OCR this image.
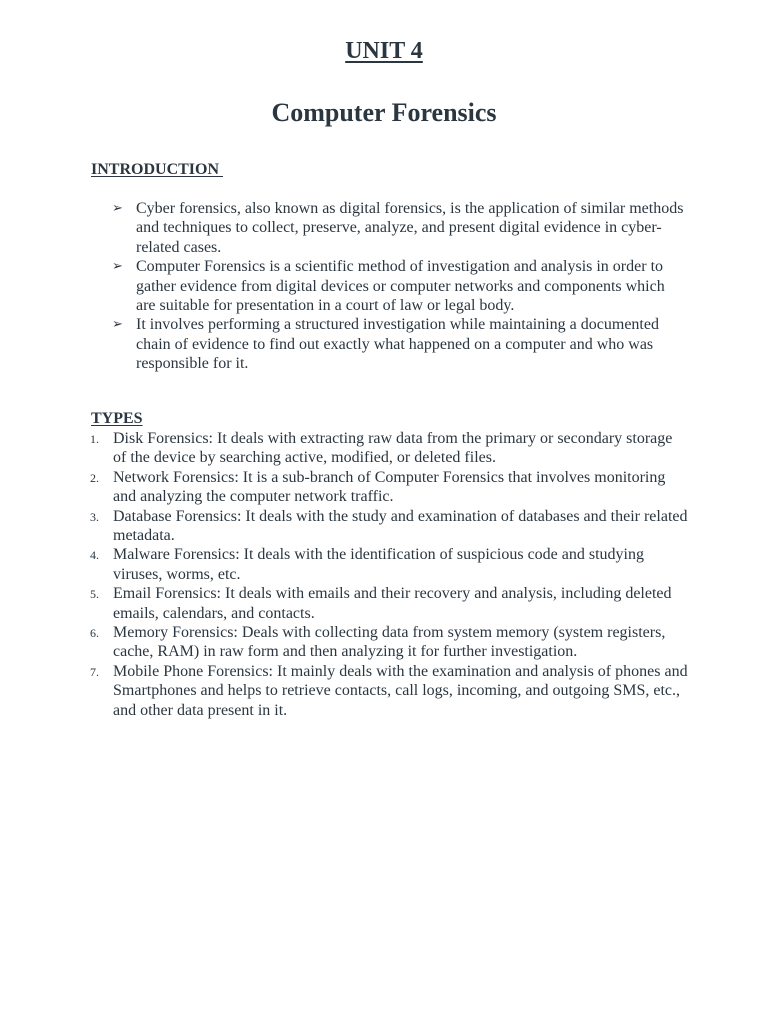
UNIT 4
Computer Forensics
INTRODUCTION
➢ Cyber forensics, also known as digital forensics, is the application of similar methods and techniques to collect, preserve, analyze, and present digital evidence in cyber-related cases.
➢ Computer Forensics is a scientific method of investigation and analysis in order to gather evidence from digital devices or computer networks and components which are suitable for presentation in a court of law or legal body.
➢ It involves performing a structured investigation while maintaining a documented chain of evidence to find out exactly what happened on a computer and who was responsible for it.
TYPES
1. Disk Forensics: It deals with extracting raw data from the primary or secondary storage of the device by searching active, modified, or deleted files.
2. Network Forensics: It is a sub-branch of Computer Forensics that involves monitoring and analyzing the computer network traffic.
3. Database Forensics: It deals with the study and examination of databases and their related metadata.
4. Malware Forensics: It deals with the identification of suspicious code and studying viruses, worms, etc.
5. Email Forensics: It deals with emails and their recovery and analysis, including deleted emails, calendars, and contacts.
6. Memory Forensics: Deals with collecting data from system memory (system registers, cache, RAM) in raw form and then analyzing it for further investigation.
7. Mobile Phone Forensics: It mainly deals with the examination and analysis of phones and Smartphones and helps to retrieve contacts, call logs, incoming, and outgoing SMS, etc., and other data present in it.
